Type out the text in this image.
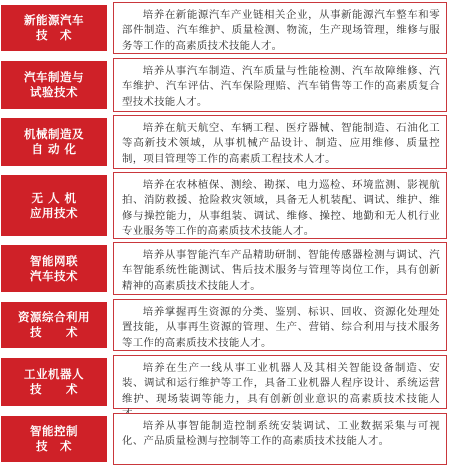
新能源汽车
技　术
培养在新能源汽车产业链相关企业，从事新能源汽车整车和零部件制造、汽车维护、质量检测、物流，生产现场管理，维修与服务等工作的高素质技术技能人才。
汽车制造与
试验技术
培养从事汽车制造、汽车质量与性能检测、汽车故障维修、汽车维护、汽车评估、汽车保险理赔、汽车销售等工作的高素质复合型技术技能人才。
机械制造及
自 动 化
培养在航天航空、车辆工程、医疗器械、智能制造、石油化工等高新技术领域，从事机械产品设计、制造、应用维修、质量控制，项目管理等工作的高素质工程技术人才。
无 人 机
应用技术
培养在农林植保、测绘、勘探、电力巡检、环境监测、影视航拍、消防救援、抢险救灾领域，具备无人机装配、调试、维护、维修与操控能力，从事组装、调试、维修、操控、地勤和无人机行业专业服务等工作的高素质技术技能人才。
智能网联
汽车技术
培养从事智能汽车产品精助研制、智能传感器检测与调试、汽车智能系统性能测试、售后技术服务与管理等岗位工作，具有创新精神的高素质技术技能人才。
资源综合利用
技　　术
培养掌握再生资源的分类、鉴别、标识、回收、资源化处理处置技能，从事再生资源的管理、生产、营销、综合利用与技术服务等工作的高素质技术技能人才。
工业机器人
技　　术
培养在生产一线从事工业机器人及其相关智能设备制造、安装、调试和运行维护等工作，具备工业机器人程序设计、系统运营维护、现场装调等能力，具有创新创业意识的高素质技术技能人
智能控制
技　术
培养从事智能制造控制系统安装调试、工业数据采集与可视化、产品质量检测与控制等工作的高素质技术技能人才。
